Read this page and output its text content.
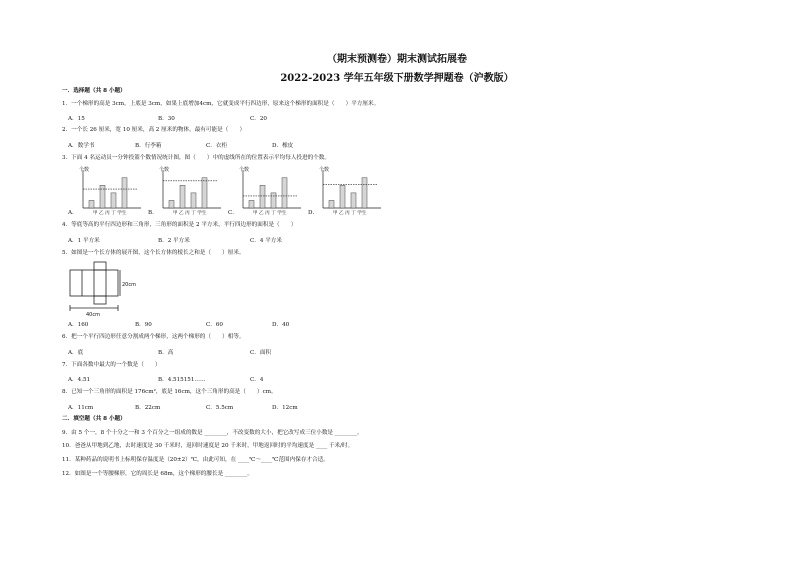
（期末预测卷）期末测试拓展卷
2022-2023 学年五年级下册数学押题卷（沪教版）
一．选择题（共 8 小题）
1．一个梯形的高是 3cm，上底是 3cm，如果上底增加4cm，它就变成平行四边形，原来这个梯形的面积是（　　）平方厘米。
A．15	B．30	C．20
2．一个长 26 厘米，宽 10 厘米，高 2 厘米的物体，最有可能是（　　）
A．数学书	B．行李箱	C．衣柜	D．橡皮
3．下面 4 名运动员一分钟投篮个数情况统计图，图（　　）中的虚线所在的位置表示平均每人投进的个数。
A．	B．	C．	D．
个数
甲 乙 丙 丁 学生
个数
甲 乙 丙 丁 学生
个数
甲 乙 丙 丁 学生
个数
甲 乙 丙 丁 学生
4．等底等高的平行四边形和三角形，三角形的面积是 2 平方米，平行四边形的面积是（　　）
A．1 平方米	B．2 平方米	C．4 平方米
5．如图是一个长方体的展开图，这个长方体的棱长之和是（　　）厘米。
20cm
40cm
A．160	B．90	C．60	D．40
6．把一个平行四边形任意分割成两个梯形，这两个梯形的（　　）相等。
A．底	B．高	C．面积
7．下面各数中最大的一个数是（　　）
A．4.51	B．4.515151……	C．4
8．已知一个三角形的面积是 176cm²，底是 16cm，这个三角形的高是（　　）cm。
A．11cm	B．22cm	C．5.5cm	D．12cm
二．填空题（共 8 小题）
9．由 5 个一，8 个十分之一和 3 个百分之一组成的数是 ________，不改变数的大小，把它改写成三位小数是 ________。
10．爸爸从甲地到乙地，去时速度是 30 千米时，返回时速度是 20 千米时，甲地返回时的平均速度是 ____ 千米/时。
11．某种药品的说明书上标明保存温度是（20±2）℃，由此可知，在 ____℃～____℃范围内保存才合适。
12．如图是一个等腰梯形，它的周长是 68m，这个梯形的腰长是 ________。
